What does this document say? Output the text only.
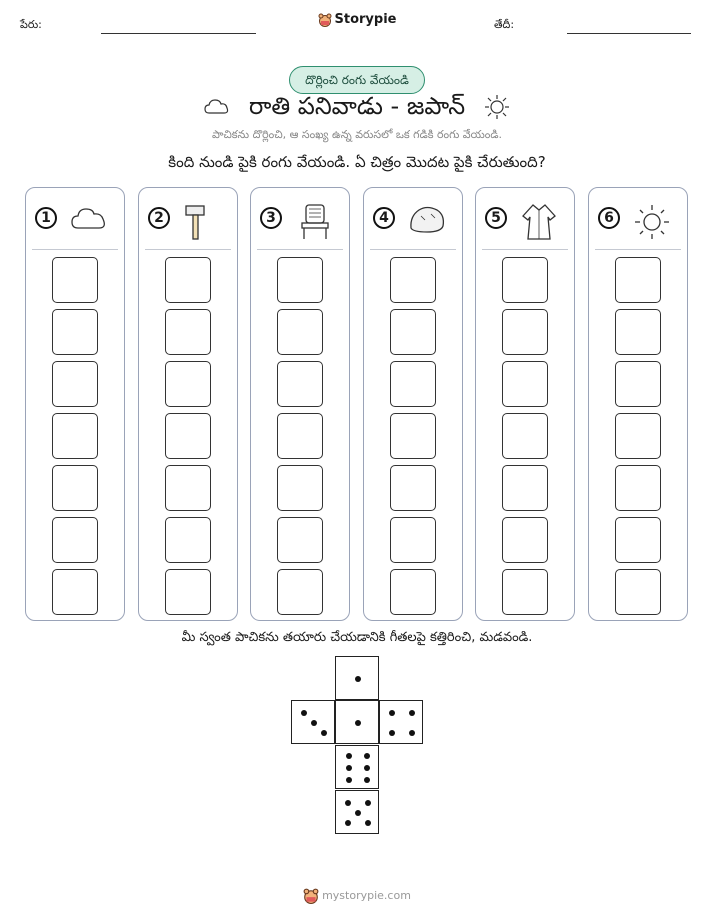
పేరు:	Storypie	తేదీ:
దొర్లించి రంగు వేయండి
రాతి పనివాడు - జపాన్
పాచికను దొర్లించి, ఆ సంఖ్య ఉన్న వరుసలో ఒక గడికి రంగు వేయండి.
కింది నుండి పైకి రంగు వేయండి. ఏ చిత్రం మొదట పైకి చేరుతుంది?
1	2	3	4	5	6
మీ స్వంత పాచికను తయారు చేయడానికి గీతలపై కత్తిరించి, మడవండి.
mystorypie.com
